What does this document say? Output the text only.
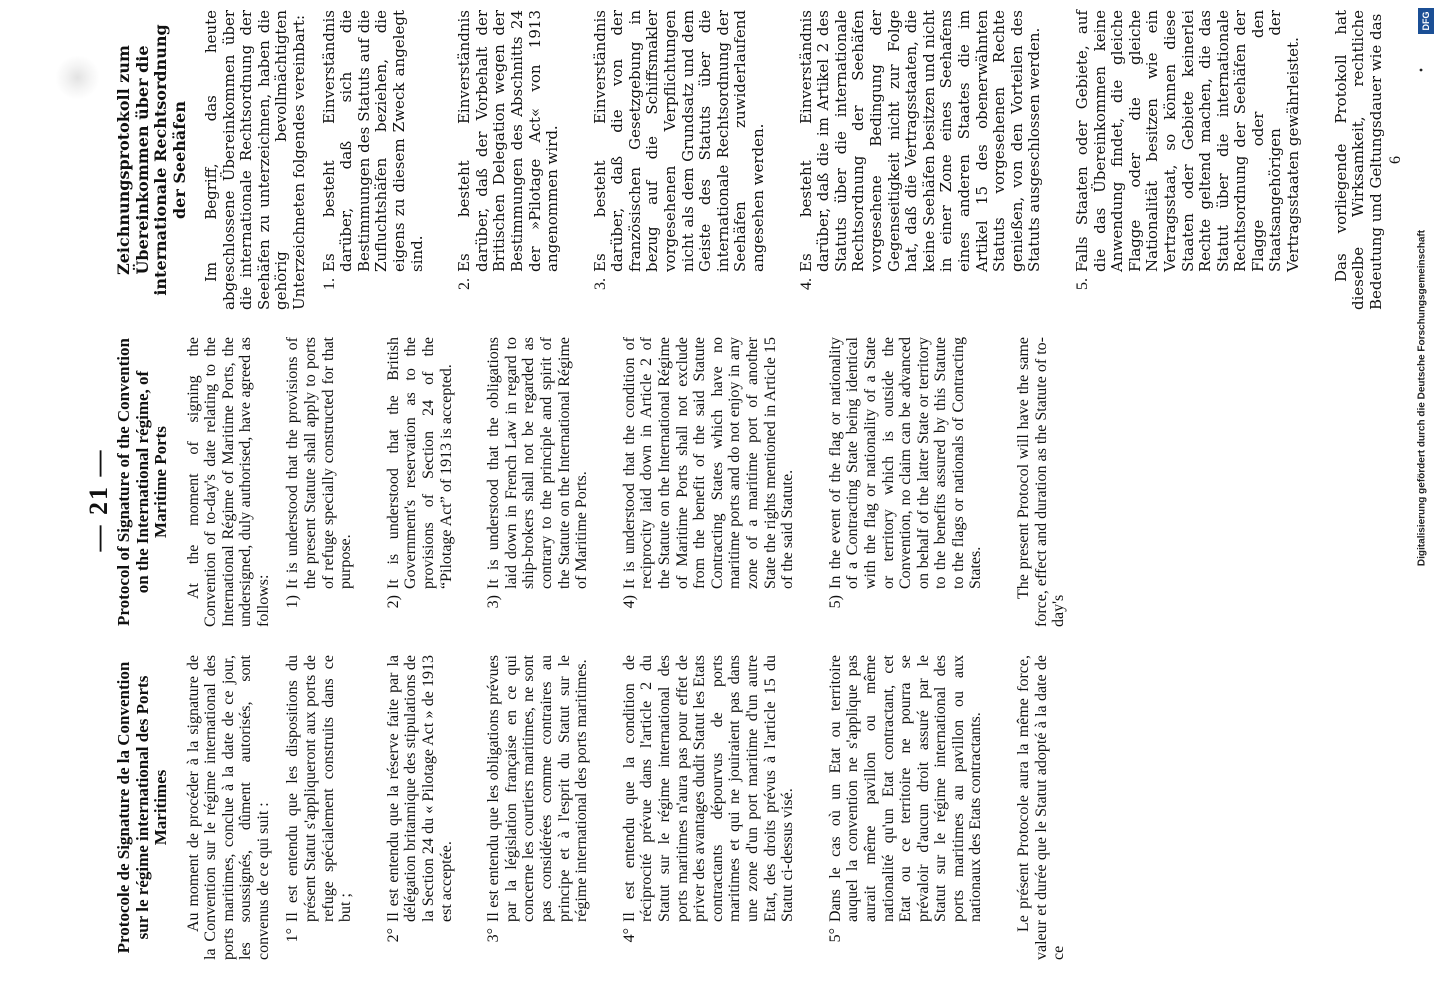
— 21 —
Protocole de Signature de la Convention sur le régime international des Ports Maritimes Au moment de procéder à la signature de la Convention sur le régime international des ports maritimes, conclue à la date de ce jour, les soussignés, dûment autorisés, sont convenus de ce qui suit : 1°

Il est entendu que les dispositions du présent Statut s'appliqueront aux ports de refuge spécialement construits dans ce but ;

2°

Il est entendu que la réserve faite par la délégation britannique des stipulations de la Section 24 du « Pilotage Act » de 1913 est acceptée.

3°

Il est entendu que les obligations prévues par la législation française en ce qui concerne les courtiers maritimes, ne sont pas considérées comme contraires au principe et à l'esprit du Statut sur le régime international des ports maritimes.

4°

Il est entendu que la condition de réciprocité prévue dans l'article 2 du Statut sur le régime international des ports maritimes n'aura pas pour effet de priver des avantages dudit Statut les Etats contractants dépourvus de ports maritimes et qui ne jouiraient pas dans une zone d'un port maritime d'un autre Etat, des droits prévus à l'article 15 du Statut ci-dessus visé.

5°

Dans le cas où un Etat ou territoire auquel la convention ne s'applique pas aurait même pavillon ou même nationalité qu'un Etat contractant, cet Etat ou ce territoire ne pourra se prévaloir d'aucun droit assuré par le Statut sur le régime international des ports maritimes au pavillon ou aux nationaux des Etats contractants. Le présent Protocole aura la même force, valeur et durée que le Statut adopté à la date de ce

Protocol of Signature of the Convention on the International régime, of Maritime Ports At the moment of signing the Convention of to-day's date relating to the International Régime of Maritime Ports, the undersigned, duly authorised, have agreed as follows: 1)

It is understood that the provisions of the present Statute shall apply to ports of refuge specially constructed for that purpose.

2)

It is understood that the British Government's reservation as to the provisions of Section 24 of the “Pilotage Act” of 1913 is accepted.

3)

It is understood that the obligations laid down in French Law in regard to ship-brokers shall not be regarded as contrary to the principle and spirit of the Statute on the International Régime of Maritime Ports.

4)

It is understood that the condition of reciprocity laid down in Article 2 of the Statute on the International Régime of Maritime Ports shall not exclude from the benefit of the said Statute Contracting States which have no maritime ports and do not enjoy in any zone of a maritime port of another State the rights mentioned in Article 15 of the said Statute.

5)

In the event of the flag or nationality of a Contracting State being identical with the flag or nationality of a State or territory which is outside the Convention, no claim can be advanced on behalf of the latter State or territory to the benefits assured by this Statute to the flags or nationals of Contracting States. The present Protocol will have the same force, effect and duration as the Statute of to-day's

Zeichnungsprotokoll zum Übereinkommen über die internationale Rechtsordnung der Seehäfen Im Begriff, das heute abgeschlossene Übereinkommen über die internationale Rechtsordnung der Seehäfen zu unterzeichnen, haben die gehörig bevollmächtigten Unterzeichneten folgendes vereinbart: 1.

Es besteht Einverständnis darüber, daß sich die Bestimmungen des Statuts auf die Zufluchtshäfen beziehen, die eigens zu diesem Zweck angelegt sind.

2.

Es besteht Einverständnis darüber, daß der Vorbehalt der Britischen Delegation wegen der Bestimmungen des Abschnitts 24 der »Pilotage Act« von 1913 angenommen wird.

3.

Es besteht Einverständnis darüber, daß die von der französischen Gesetzgebung in bezug auf die Schiffsmakler vorgesehenen Verpflichtungen nicht als dem Grundsatz und dem Geiste des Statuts über die internationale Rechtsordnung der Seehäfen zuwiderlaufend angesehen werden.

4.

Es besteht Einverständnis darüber, daß die im Artikel 2 des Statuts über die internationale Rechtsordnung der Seehäfen vorgesehene Bedingung der Gegenseitigkeit nicht zur Folge hat, daß die Vertragsstaaten, die keine Seehäfen besitzen und nicht in einer Zone eines Seehafens eines anderen Staates die im Artikel 15 des obenerwähnten Statuts vorgesehenen Rechte genießen, von den Vorteilen des Statuts ausgeschlossen werden.

5.

Falls Staaten oder Gebiete, auf die das Übereinkommen keine Anwendung findet, die gleiche Flagge oder die gleiche Nationalität besitzen wie ein Vertragsstaat, so können diese Staaten oder Gebiete keinerlei Rechte geltend machen, die das Statut über die internationale Rechtsordnung der Seehäfen der Flagge oder den Staatsangehörigen der Vertragsstaaten gewährleistet. Das vorliegende Protokoll hat dieselbe Wirksamkeit, rechtliche Bedeutung und Geltungsdauer wie das 6
DFG
•
Digitalisierung gefördert durch die Deutsche Forschungsgemeinschaft
